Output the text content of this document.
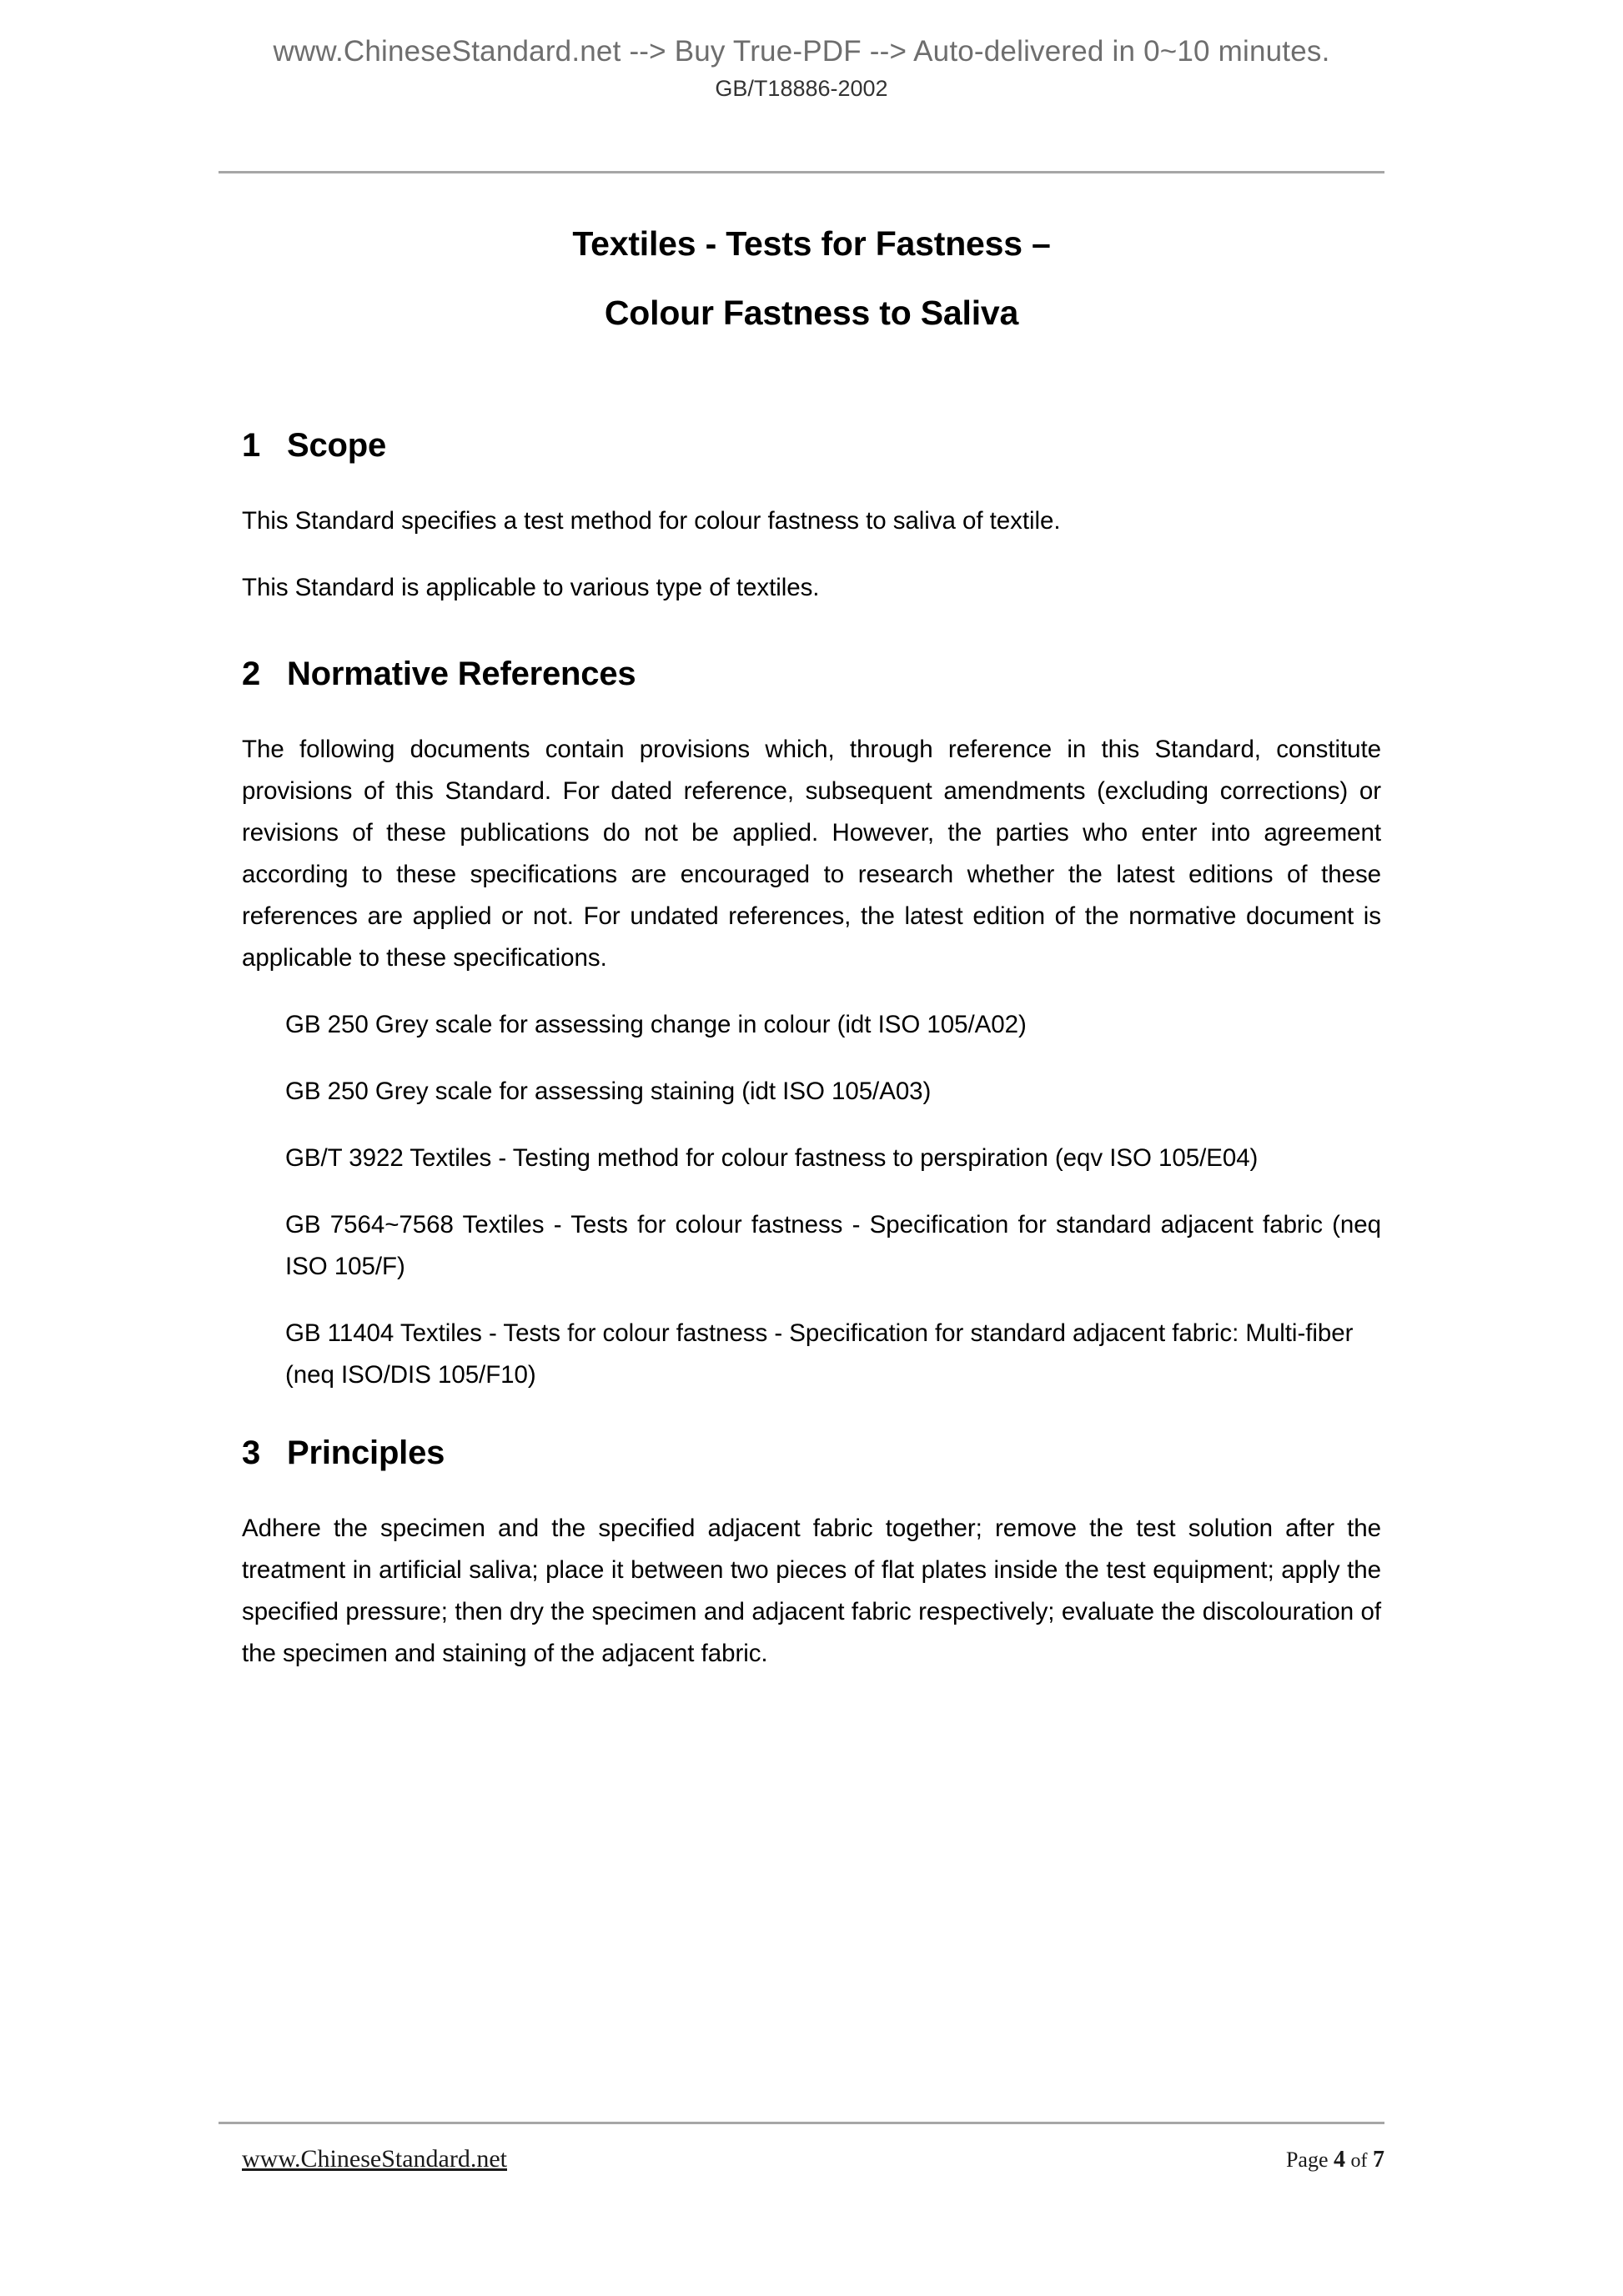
www.ChineseStandard.net --> Buy True-PDF --> Auto-delivered in 0~10 minutes.
GB/T18886-2002
Textiles - Tests for Fastness –
Colour Fastness to Saliva
1 Scope

This Standard specifies a test method for colour fastness to saliva of textile.

This Standard is applicable to various type of textiles.

2 Normative References

The following documents contain provisions which, through reference in this Standard, constitute provisions of this Standard. For dated reference, subsequent amendments (excluding corrections) or revisions of these publications do not be applied. However, the parties who enter into agreement according to these specifications are encouraged to research whether the latest editions of these references are applied or not. For undated references, the latest edition of the normative document is applicable to these specifications.

GB 250 Grey scale for assessing change in colour (idt ISO 105/A02)

GB 250 Grey scale for assessing staining (idt ISO 105/A03)

GB/T 3922 Textiles - Testing method for colour fastness to perspiration (eqv ISO 105/E04)

GB 7564~7568 Textiles - Tests for colour fastness - Specification for standard adjacent fabric (neq ISO 105/F)

GB 11404 Textiles - Tests for colour fastness - Specification for standard adjacent fabric: Multi-fiber (neq ISO/DIS 105/F10)

3 Principles

Adhere the specimen and the specified adjacent fabric together; remove the test solution after the treatment in artificial saliva; place it between two pieces of flat plates inside the test equipment; apply the specified pressure; then dry the specimen and adjacent fabric respectively; evaluate the discolouration of the specimen and staining of the adjacent fabric.

www.ChineseStandard.net	Page 4 of 7
